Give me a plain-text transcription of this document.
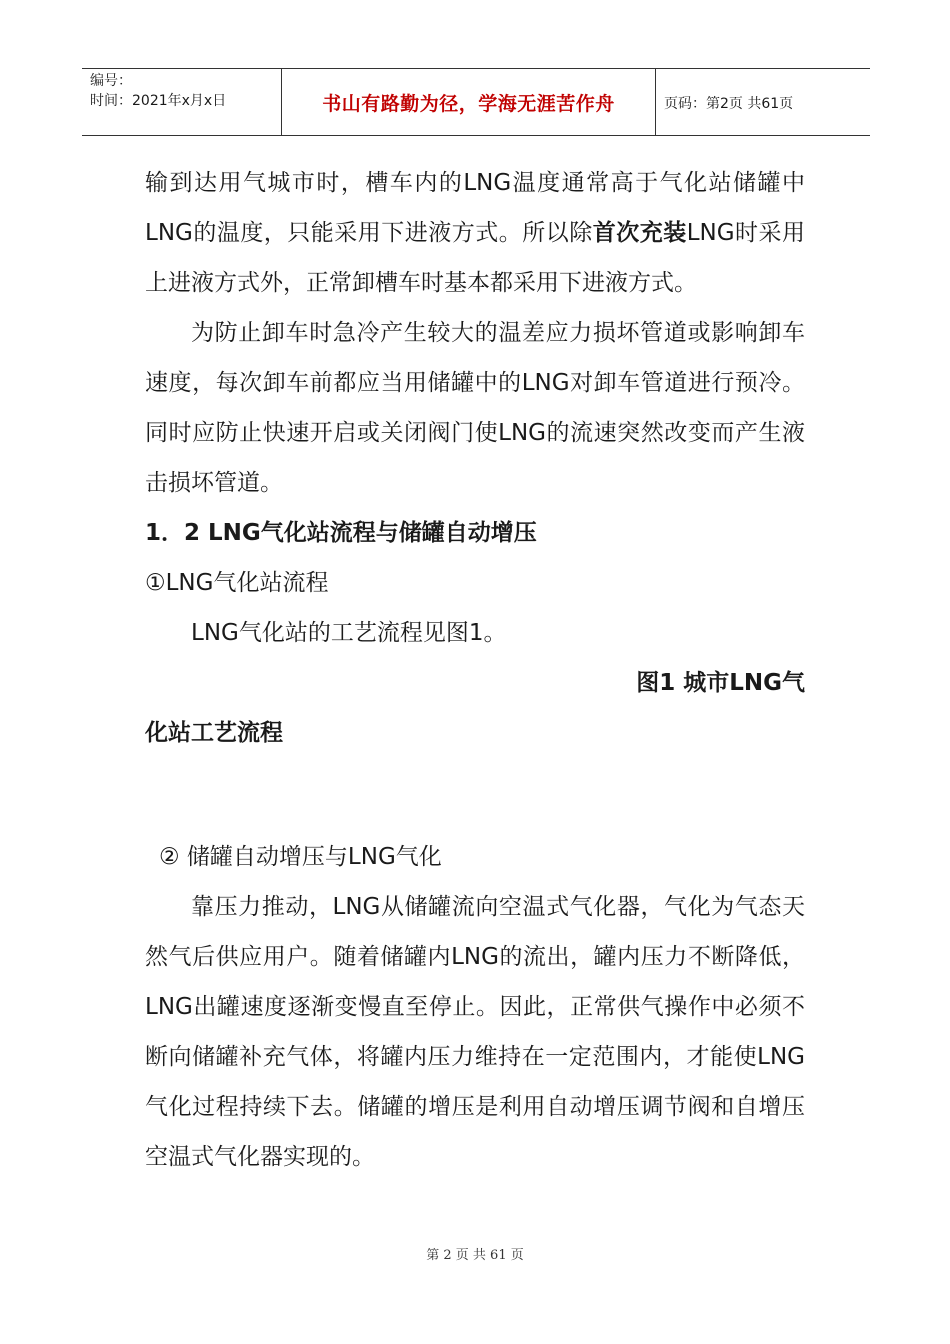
编号：
时间：2021年x月x日	书山有路勤为径，学海无涯苦作舟	页码：第2页 共61页

输到达用气城市时，槽车内的LNG温度通常高于气化站储罐中LNG的温度，只能采用下进液方式。所以除首次充装LNG时采用上进液方式外，正常卸槽车时基本都采用下进液方式。

为防止卸车时急冷产生较大的温差应力损坏管道或影响卸车速度，每次卸车前都应当用储罐中的LNG对卸车管道进行预冷。同时应防止快速开启或关闭阀门使LNG的流速突然改变而产生液击损坏管道。

1．2 LNG气化站流程与储罐自动增压

①LNG气化站流程

LNG气化站的工艺流程见图1。

图1 城市LNG气

化站工艺流程

② 储罐自动增压与LNG气化

靠压力推动，LNG从储罐流向空温式气化器，气化为气态天然气后供应用户。随着储罐内LNG的流出，罐内压力不断降低，LNG出罐速度逐渐变慢直至停止。因此，正常供气操作中必须不断向储罐补充气体，将罐内压力维持在一定范围内，才能使LNG气化过程持续下去。储罐的增压是利用自动增压调节阀和自增压空温式气化器实现的。

第 2 页 共 61 页
